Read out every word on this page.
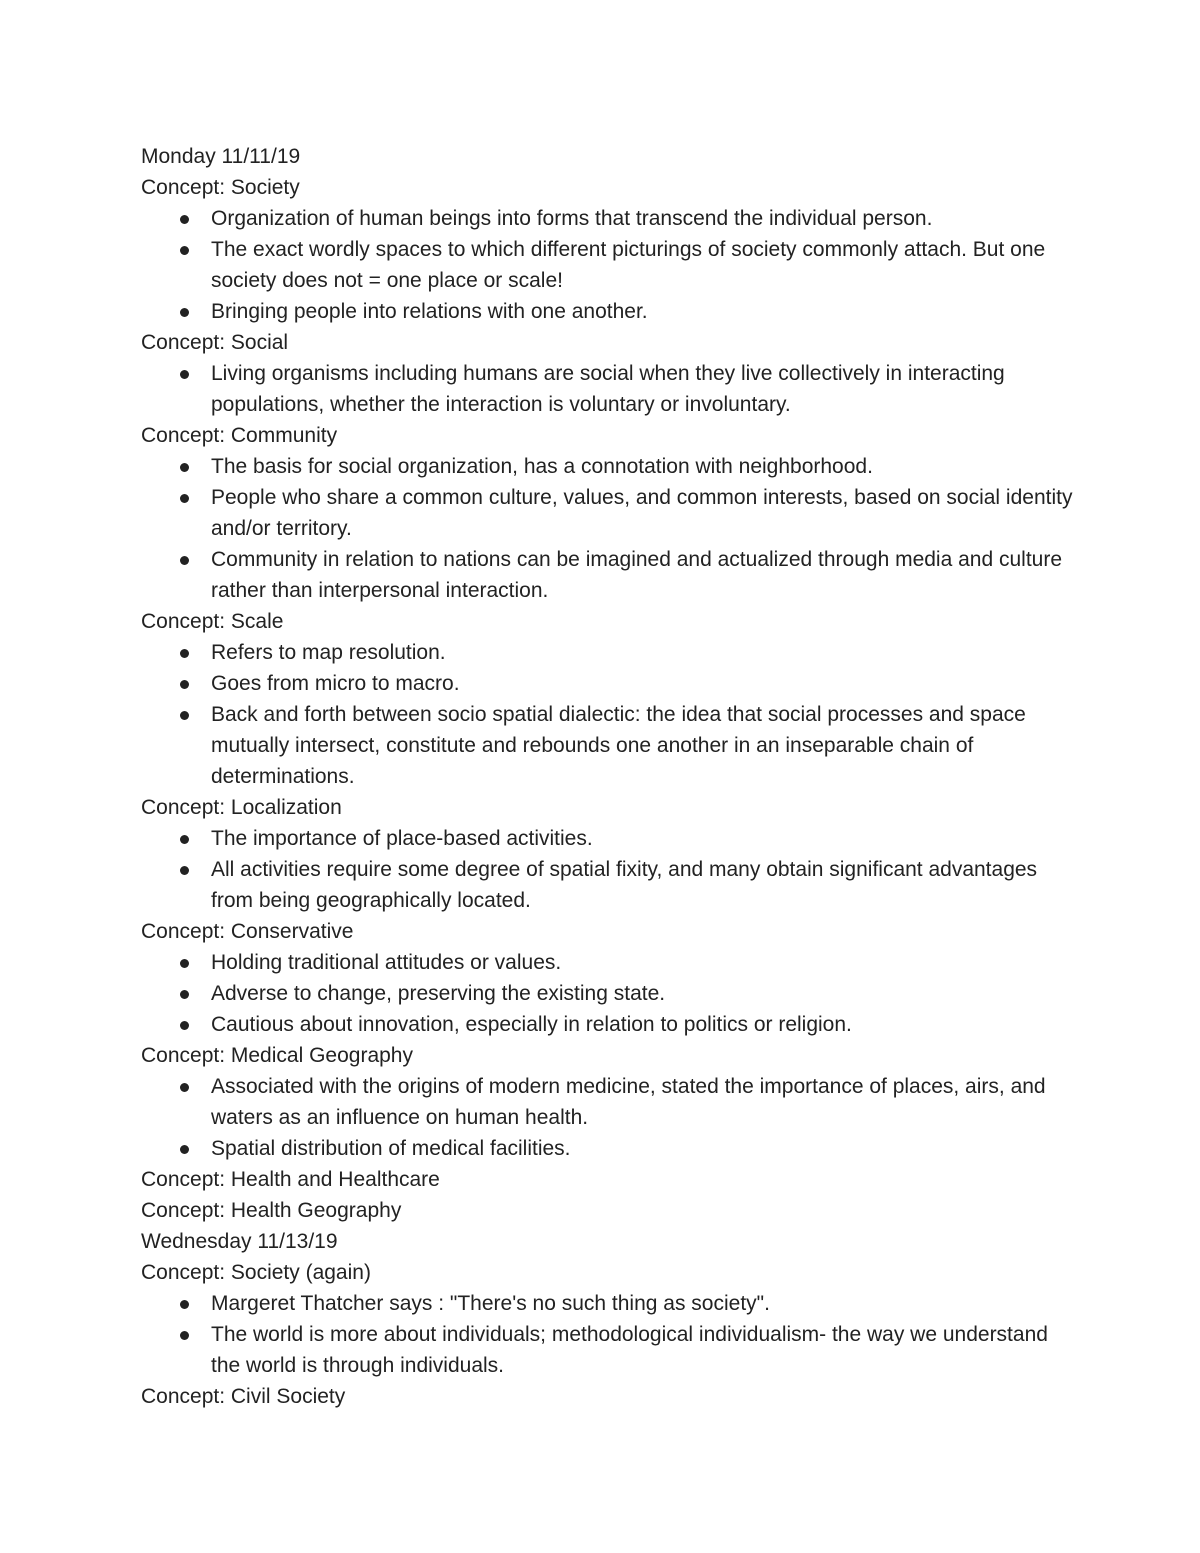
Monday 11/11/19

Concept: Society

Organization of human beings into forms that transcend the individual person.
The exact wordly spaces to which different picturings of society commonly attach. But one society does not = one place or scale!
Bringing people into relations with one another.

Concept: Social

Living organisms including humans are social when they live collectively in interacting populations, whether the interaction is voluntary or involuntary.

Concept: Community

The basis for social organization, has a connotation with neighborhood.
People who share a common culture, values, and common interests, based on social identity and/or territory.
Community in relation to nations can be imagined and actualized through media and culture rather than interpersonal interaction.

Concept: Scale

Refers to map resolution.
Goes from micro to macro.
Back and forth between socio spatial dialectic: the idea that social processes and space mutually intersect, constitute and rebounds one another in an inseparable chain of determinations.

Concept: Localization

The importance of place-based activities.
All activities require some degree of spatial fixity, and many obtain significant advantages from being geographically located.

Concept: Conservative

Holding traditional attitudes or values.
Adverse to change, preserving the existing state.
Cautious about innovation, especially in relation to politics or religion.

Concept: Medical Geography

Associated with the origins of modern medicine, stated the importance of places, airs, and waters as an influence on human health.
Spatial distribution of medical facilities.

Concept: Health and Healthcare

Concept: Health Geography

Wednesday 11/13/19

Concept: Society (again)

Margeret Thatcher says : "There's no such thing as society".
The world is more about individuals; methodological individualism- the way we understand the world is through individuals.

Concept: Civil Society
